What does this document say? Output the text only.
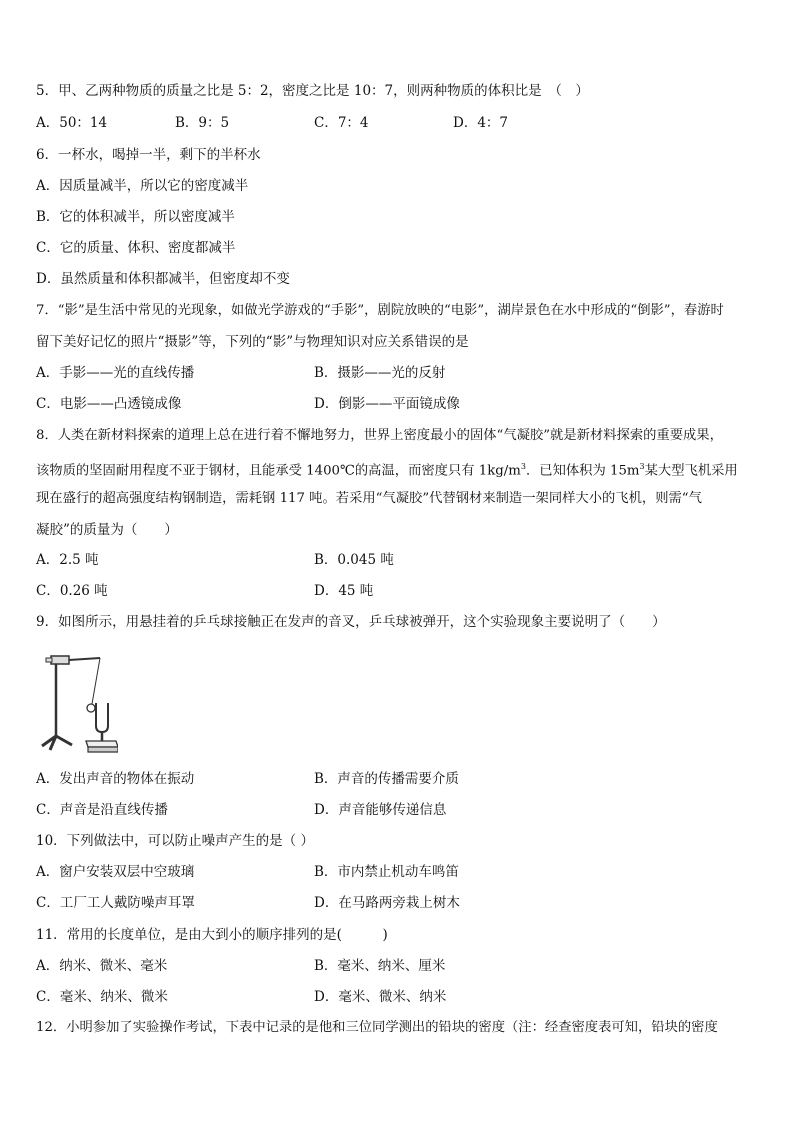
5．甲、乙两种物质的质量之比是 5：2，密度之比是 10：7，则两种物质的体积比是　（　）
A．50：14	B．9：5	C．7：4	D．4：7
6．一杯水，喝掉一半，剩下的半杯水
A．因质量减半，所以它的密度减半
B．它的体积减半，所以密度减半
C．它的质量、体积、密度都减半
D．虽然质量和体积都减半，但密度却不变
7．“影”是生活中常见的光现象，如做光学游戏的“手影”，剧院放映的“电影”，湖岸景色在水中形成的“倒影”，春游时
留下美好记忆的照片“摄影”等，下列的“影”与物理知识对应关系错误的是
A．手影——光的直线传播	B．摄影——光的反射
C．电影——凸透镜成像	D．倒影——平面镜成像
8．人类在新材料探索的道理上总在进行着不懈地努力，世界上密度最小的固体“气凝胶”就是新材料探索的重要成果，
该物质的坚固耐用程度不亚于钢材，且能承受 1400℃的高温，而密度只有 $1kg/m^3$．已知体积为 $15m^3$某大型飞机采用
现在盛行的超高强度结构钢制造，需耗钢 117 吨。若采用“气凝胶”代替钢材来制造一架同样大小的飞机，则需“气
凝胶”的质量为（　　）
A．2.5 吨	B．0.045 吨
C．0.26 吨	D．45 吨
9．如图所示，用悬挂着的乒乓球接触正在发声的音叉，乒乓球被弹开，这个实验现象主要说明了（　　）
A．发出声音的物体在振动	B．声音的传播需要介质
C．声音是沿直线传播	D．声音能够传递信息
10．下列做法中，可以防止噪声产生的是（ ）
A．窗户安装双层中空玻璃	B．市内禁止机动车鸣笛
C．工厂工人戴防噪声耳罩	D．在马路两旁栽上树木
11．常用的长度单位，是由大到小的顺序排列的是(　　　)
A．纳米、微米、毫米	B．毫米、纳米、厘米
C．毫米、纳米、微米	D．毫米、微米、纳米
12．小明参加了实验操作考试，下表中记录的是他和三位同学测出的铅块的密度（注：经查密度表可知，铅块的密度
